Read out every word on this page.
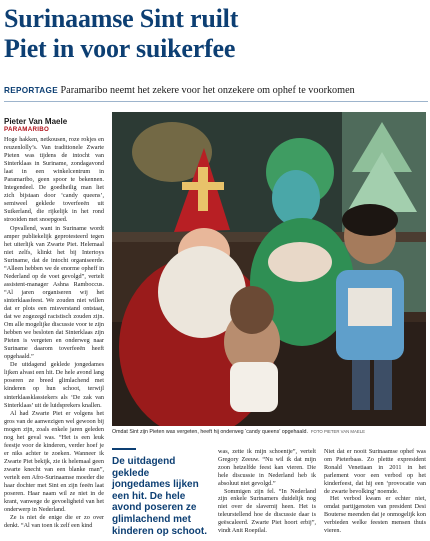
Surinaamse Sint ruilt
Piet in voor suikerfee
REPORTAGE Paramaribo neemt het zekere voor het onzekere om ophef te voorkomen
Pieter Van Maele
PARAMARIBO

Hoge hakken, netkousen, roze rokjes en reuzenlolly’s. Van traditionele Zwarte Pieten was tijdens de intocht van Sinterklaas in Suriname, zondagavond laat in een winkelcentrum in Paramaribo, geen spoor te bekennen. Integendeel. De goedheilig man liet zich bijstaan door ‘candy queens’, semiweel geklede toverfeeën uit Suikerland, die rijkelijk in het rond strooiden met snoepgoed.

Opvallend, want in Suriname wordt amper publiekelijk geprotesteerd tegen het uiterlijk van Zwarte Piet. Helemaal niet zelfs, klinkt het bij Intertoys Suriname, dat de intocht organiseerde. “Alleen hebben we de enorme opheff in Nederland op de voet gevolgd”, vertelt assistent-manager Ashna Ramboccus. “Al jaren organiseren wij het sinterklaasfeest. We zouden niet willen dat er plots een misverstand ontstaat, dat we zogezegd racistisch zouden zijn. Om alle mogelijke discussie voor te zijn hebben we besloten dat Sinterklaas zijn Pieten is vergeten en onderweg naar Suriname daarom toverfeeën heeft opgehaald.”

De uitdagend geklede jongedames lijken alvast een hit. De hele avond lang poseren ze breed glimlachend met kinderen op hun schoot, terwijl sinterklaasklassiekers als ‘De zak van Sinterklaas’ uit de luidsprekers knallen.

Al had Zwarte Piet er volgens het gros van de aanwezigen wel gewoon bij mogen zijn, zoals enkele jaren geleden nog het geval was. “Het is een leuk feestje voor de kinderen, verder hoef je er niks achter te zoeken. Wanneer ik Zwarte Piet bekijk, zie ik helemaal geen zwarte knecht van een blanke man”, vertelt een Afro-Surinaamse moeder die haar dochter met Sint en zijn feeën laat poseren. Haar naam wil ze niet in de krant, vanwege de gevoeligheid van het onderwerp in Nederland.

Ze is niet de enige die er zo over denkt. “Al van toen ik zelf een kind

Omdat Sint zijn Pieten was vergeten, heeft hij onderweg ‘candy queens’ opgehaald. FOTO PIETER VAN MAELE
De uitdagend geklede jongedames lijken een hit. De hele avond poseren ze glimlachend met kinderen op schoot.

was, zette ik mijn schoentje”, vertelt Gregory Zeeuw. “Nu wil ik dat mijn zoon hetzelfde feest kan vieren. Die hele discussie in Nederland heb ik absoluut niet gevolgd.”

Sommigen zijn fel. “In Nederland zijn enkele Surinamers duidelijk nog niet over de slavernij heen. Het is teleurstellend hoe de discussie daar is geëscaleerd. Zwarte Piet hoort erbij”, vindt Anit Roepilal.

Niet dat er nooit Surinaamse ophef was om Pieterbaas. Zo plettte expresident Ronald Venetiaan in 2011 in het parlement voor een verbod op het kinderfeest, dat hij een ‘provocatie van de zwarte bevolking’ noemde.

Het verbod kwam er echter niet, omdat partijgenoten van president Desi Bouterse meenden dat je onmogelijk kon verbieden welke feesten mensen thuis vieren.
